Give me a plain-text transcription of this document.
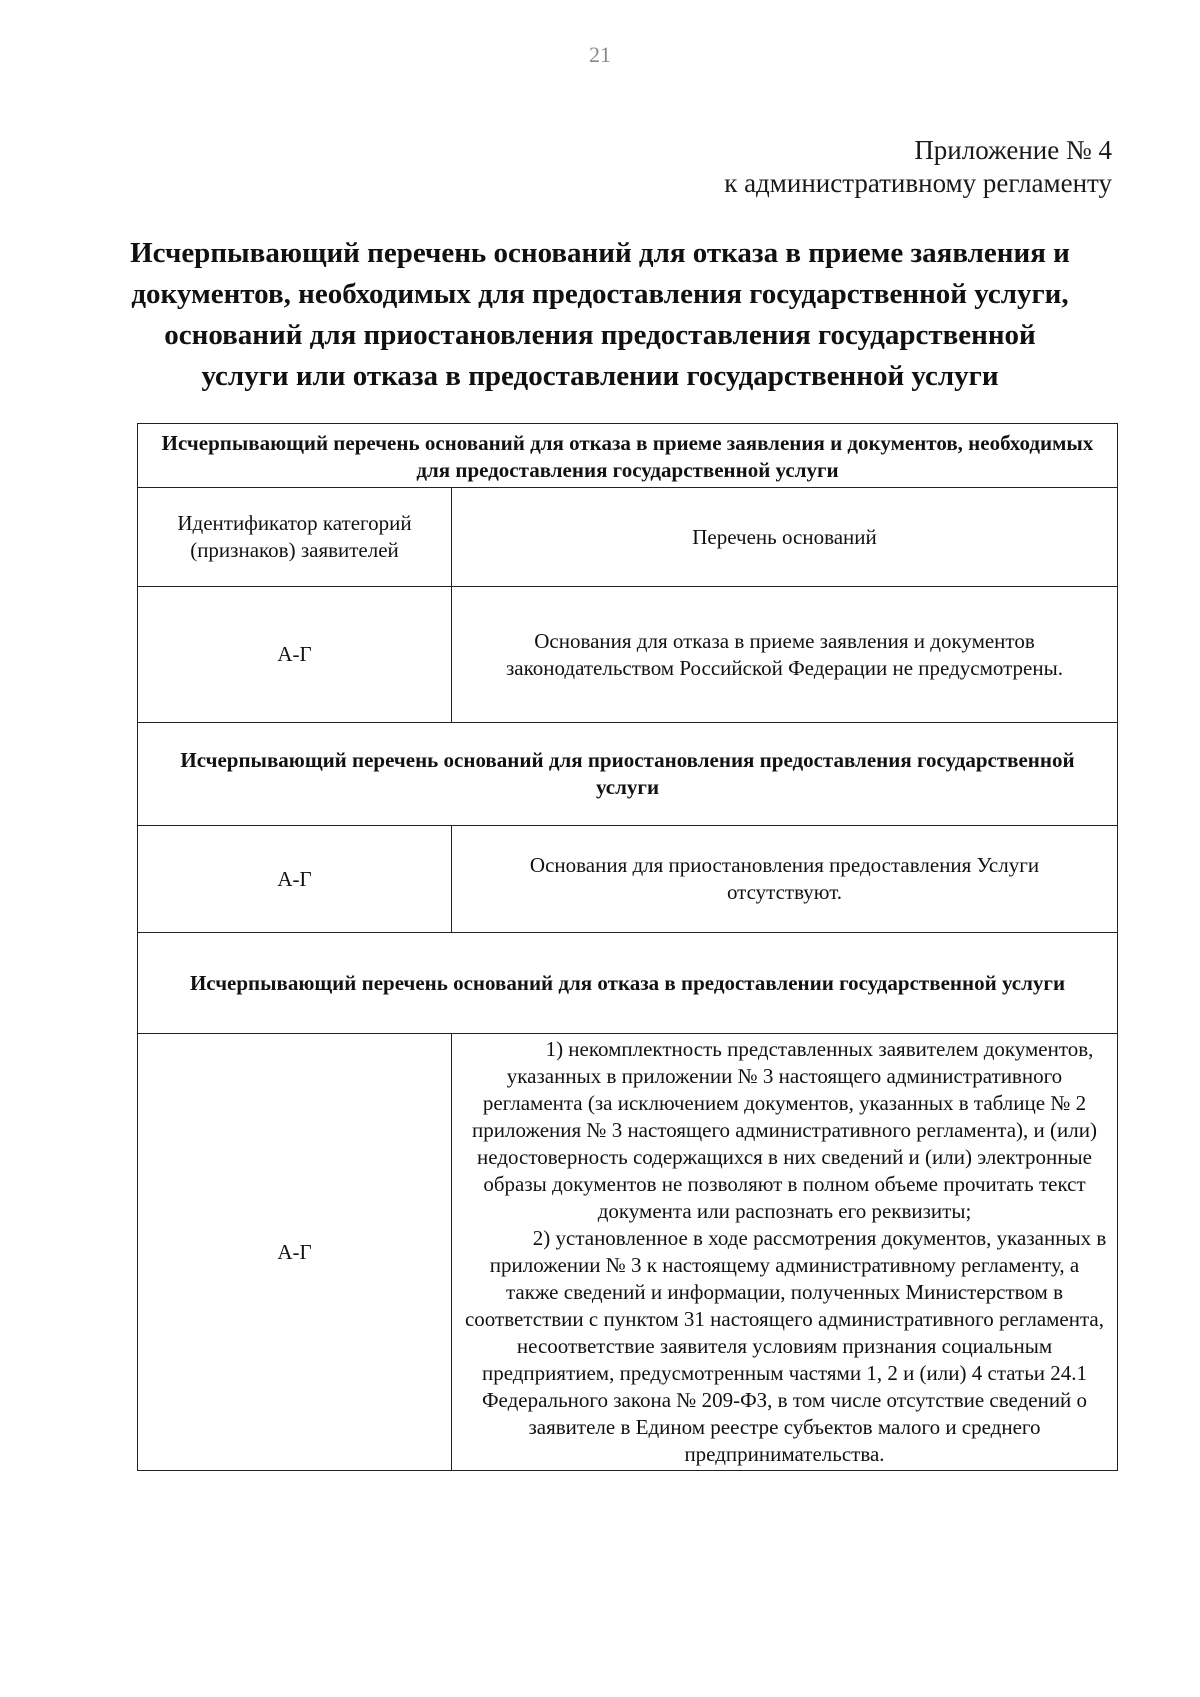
21
Приложение № 4
к административному регламенту
Исчерпывающий перечень оснований для отказа в приеме заявления и документов, необходимых для предоставления государственной услуги, оснований для приостановления предоставления государственной услуги или отказа в предоставлении государственной услуги
Исчерпывающий перечень оснований для отказа в приеме заявления и документов, необходимых для предоставления государственной услуги	
Идентификатор категорий (признаков) заявителей	Перечень оснований
А-Г	Основания для отказа в приеме заявления и документов законодательством Российской Федерации не предусмотрены.
Исчерпывающий перечень оснований для приостановления предоставления государственной услуги	
А-Г	Основания для приостановления предоставления Услуги отсутствуют.
Исчерпывающий перечень оснований для отказа в предоставлении государственной услуги	
А-Г	1) некомплектность представленных заявителем документов, указанных в приложении № 3 настоящего административного регламента (за исключением документов, указанных в таблице № 2 приложения № 3 настоящего административного регламента), и (или) недостоверность содержащихся в них сведений и (или) электронные образы документов не позволяют в полном объеме прочитать текст документа или распознать его реквизиты;

2) установленное в ходе рассмотрения документов, указанных в приложении № 3 к настоящему административному регламенту, а также сведений и информации, полученных Министерством в соответствии с пунктом 31 настоящего административного регламента, несоответствие заявителя условиям признания социальным предприятием, предусмотренным частями 1, 2 и (или) 4 статьи 24.1 Федерального закона № 209-ФЗ, в том числе отсутствие сведений о заявителе в Едином реестре субъектов малого и среднего предпринимательства.
